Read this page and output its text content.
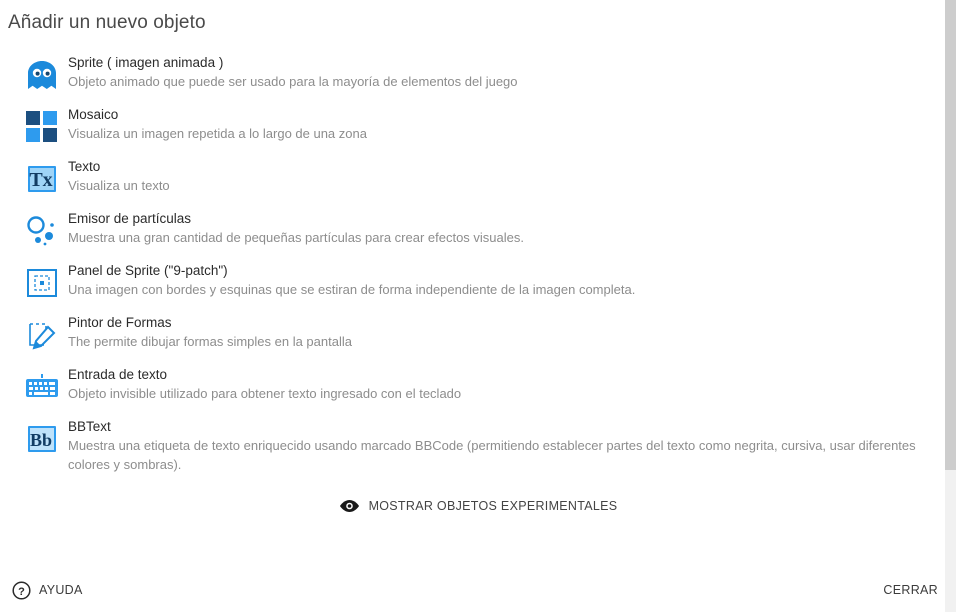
Añadir un nuevo objeto
Sprite ( imagen animada )
Objeto animado que puede ser usado para la mayoría de elementos del juego
Mosaico
Visualiza un imagen repetida a lo largo de una zona
Tx
Texto
Visualiza un texto
Emisor de partículas
Muestra una gran cantidad de pequeñas partículas para crear efectos visuales.
Panel de Sprite ("9-patch")
Una imagen con bordes y esquinas que se estiran de forma independiente de la imagen completa.
Pintor de Formas
The permite dibujar formas simples en la pantalla
Entrada de texto
Objeto invisible utilizado para obtener texto ingresado con el teclado
Bb
BBText
Muestra una etiqueta de texto enriquecido usando marcado BBCode (permitiendo establecer partes del texto como negrita, cursiva, usar diferentes colores y sombras).
MOSTRAR OBJETOS EXPERIMENTALES
? AYUDA	CERRAR
